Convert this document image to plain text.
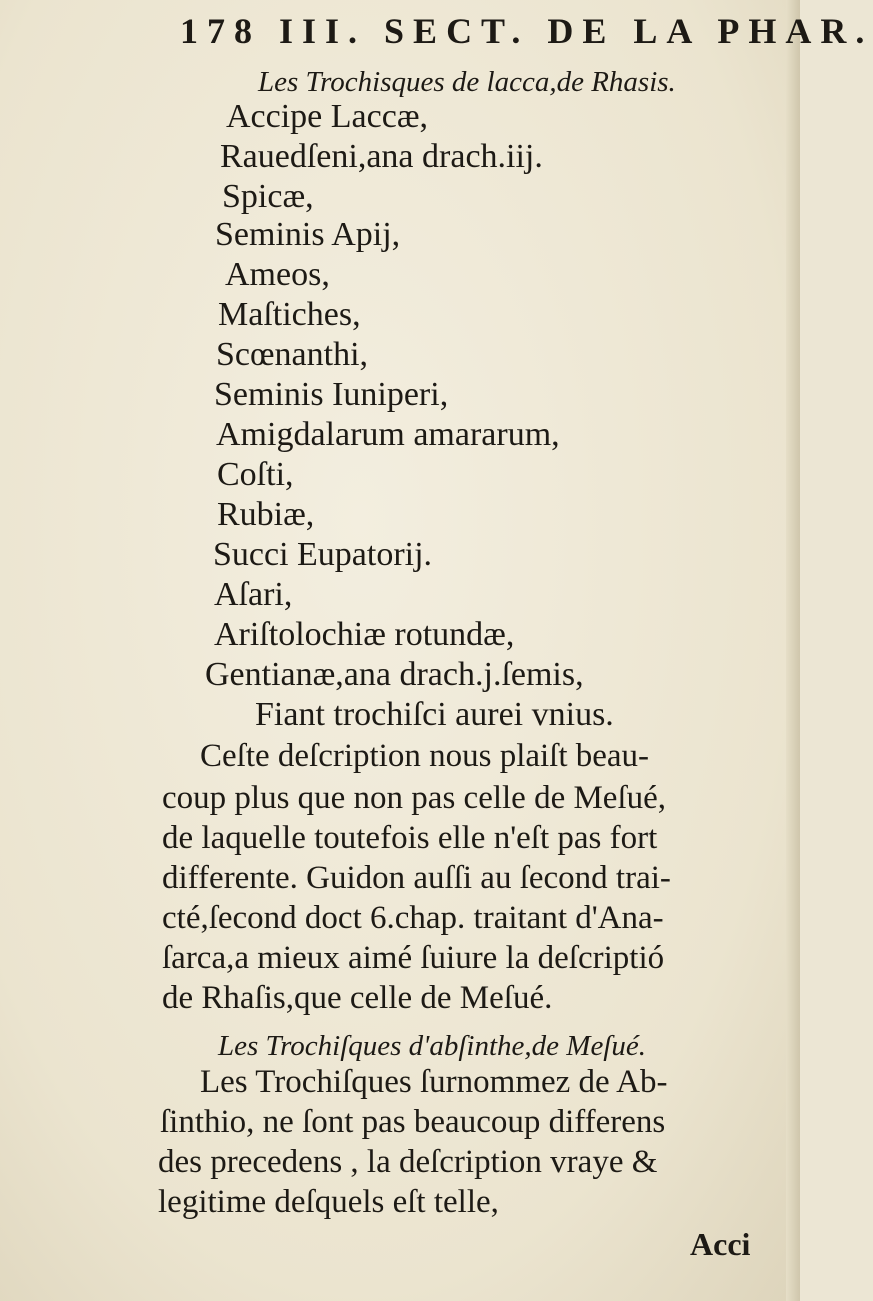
178 III. SECT. DE LA PHAR.
Les Trochisques de lacca,de Rhasis.
Accipe Laccæ,
Rauedſeni,ana drach.iij.
Spicæ,
Seminis Apij,
Ameos,
Maſtiches,
Scœnanthi,
Seminis Iuniperi,
Amigdalarum amararum,
Coſti,
Rubiæ,
Succi Eupatorij.
Aſari,
Ariſtolochiæ rotundæ,
Gentianæ,ana drach.j.ſemis,
Fiant trochiſci aurei vnius.
Ceſte deſcription nous plaiſt beau-
coup plus que non pas celle de Meſué,
de laquelle toutefois elle n'eſt pas fort
differente. Guidon auſſi au ſecond trai-
cté,ſecond doct 6.chap. traitant d'Ana-
ſarca,a mieux aimé ſuiure la deſcriptió
de Rhaſis,que celle de Meſué.
Les Trochiſques d'abſinthe,de Meſué.
Les Trochiſques ſurnommez de Ab-
ſinthio, ne ſont pas beaucoup differens
des precedens , la deſcription vraye &
legitime deſquels eſt telle,
Acci
